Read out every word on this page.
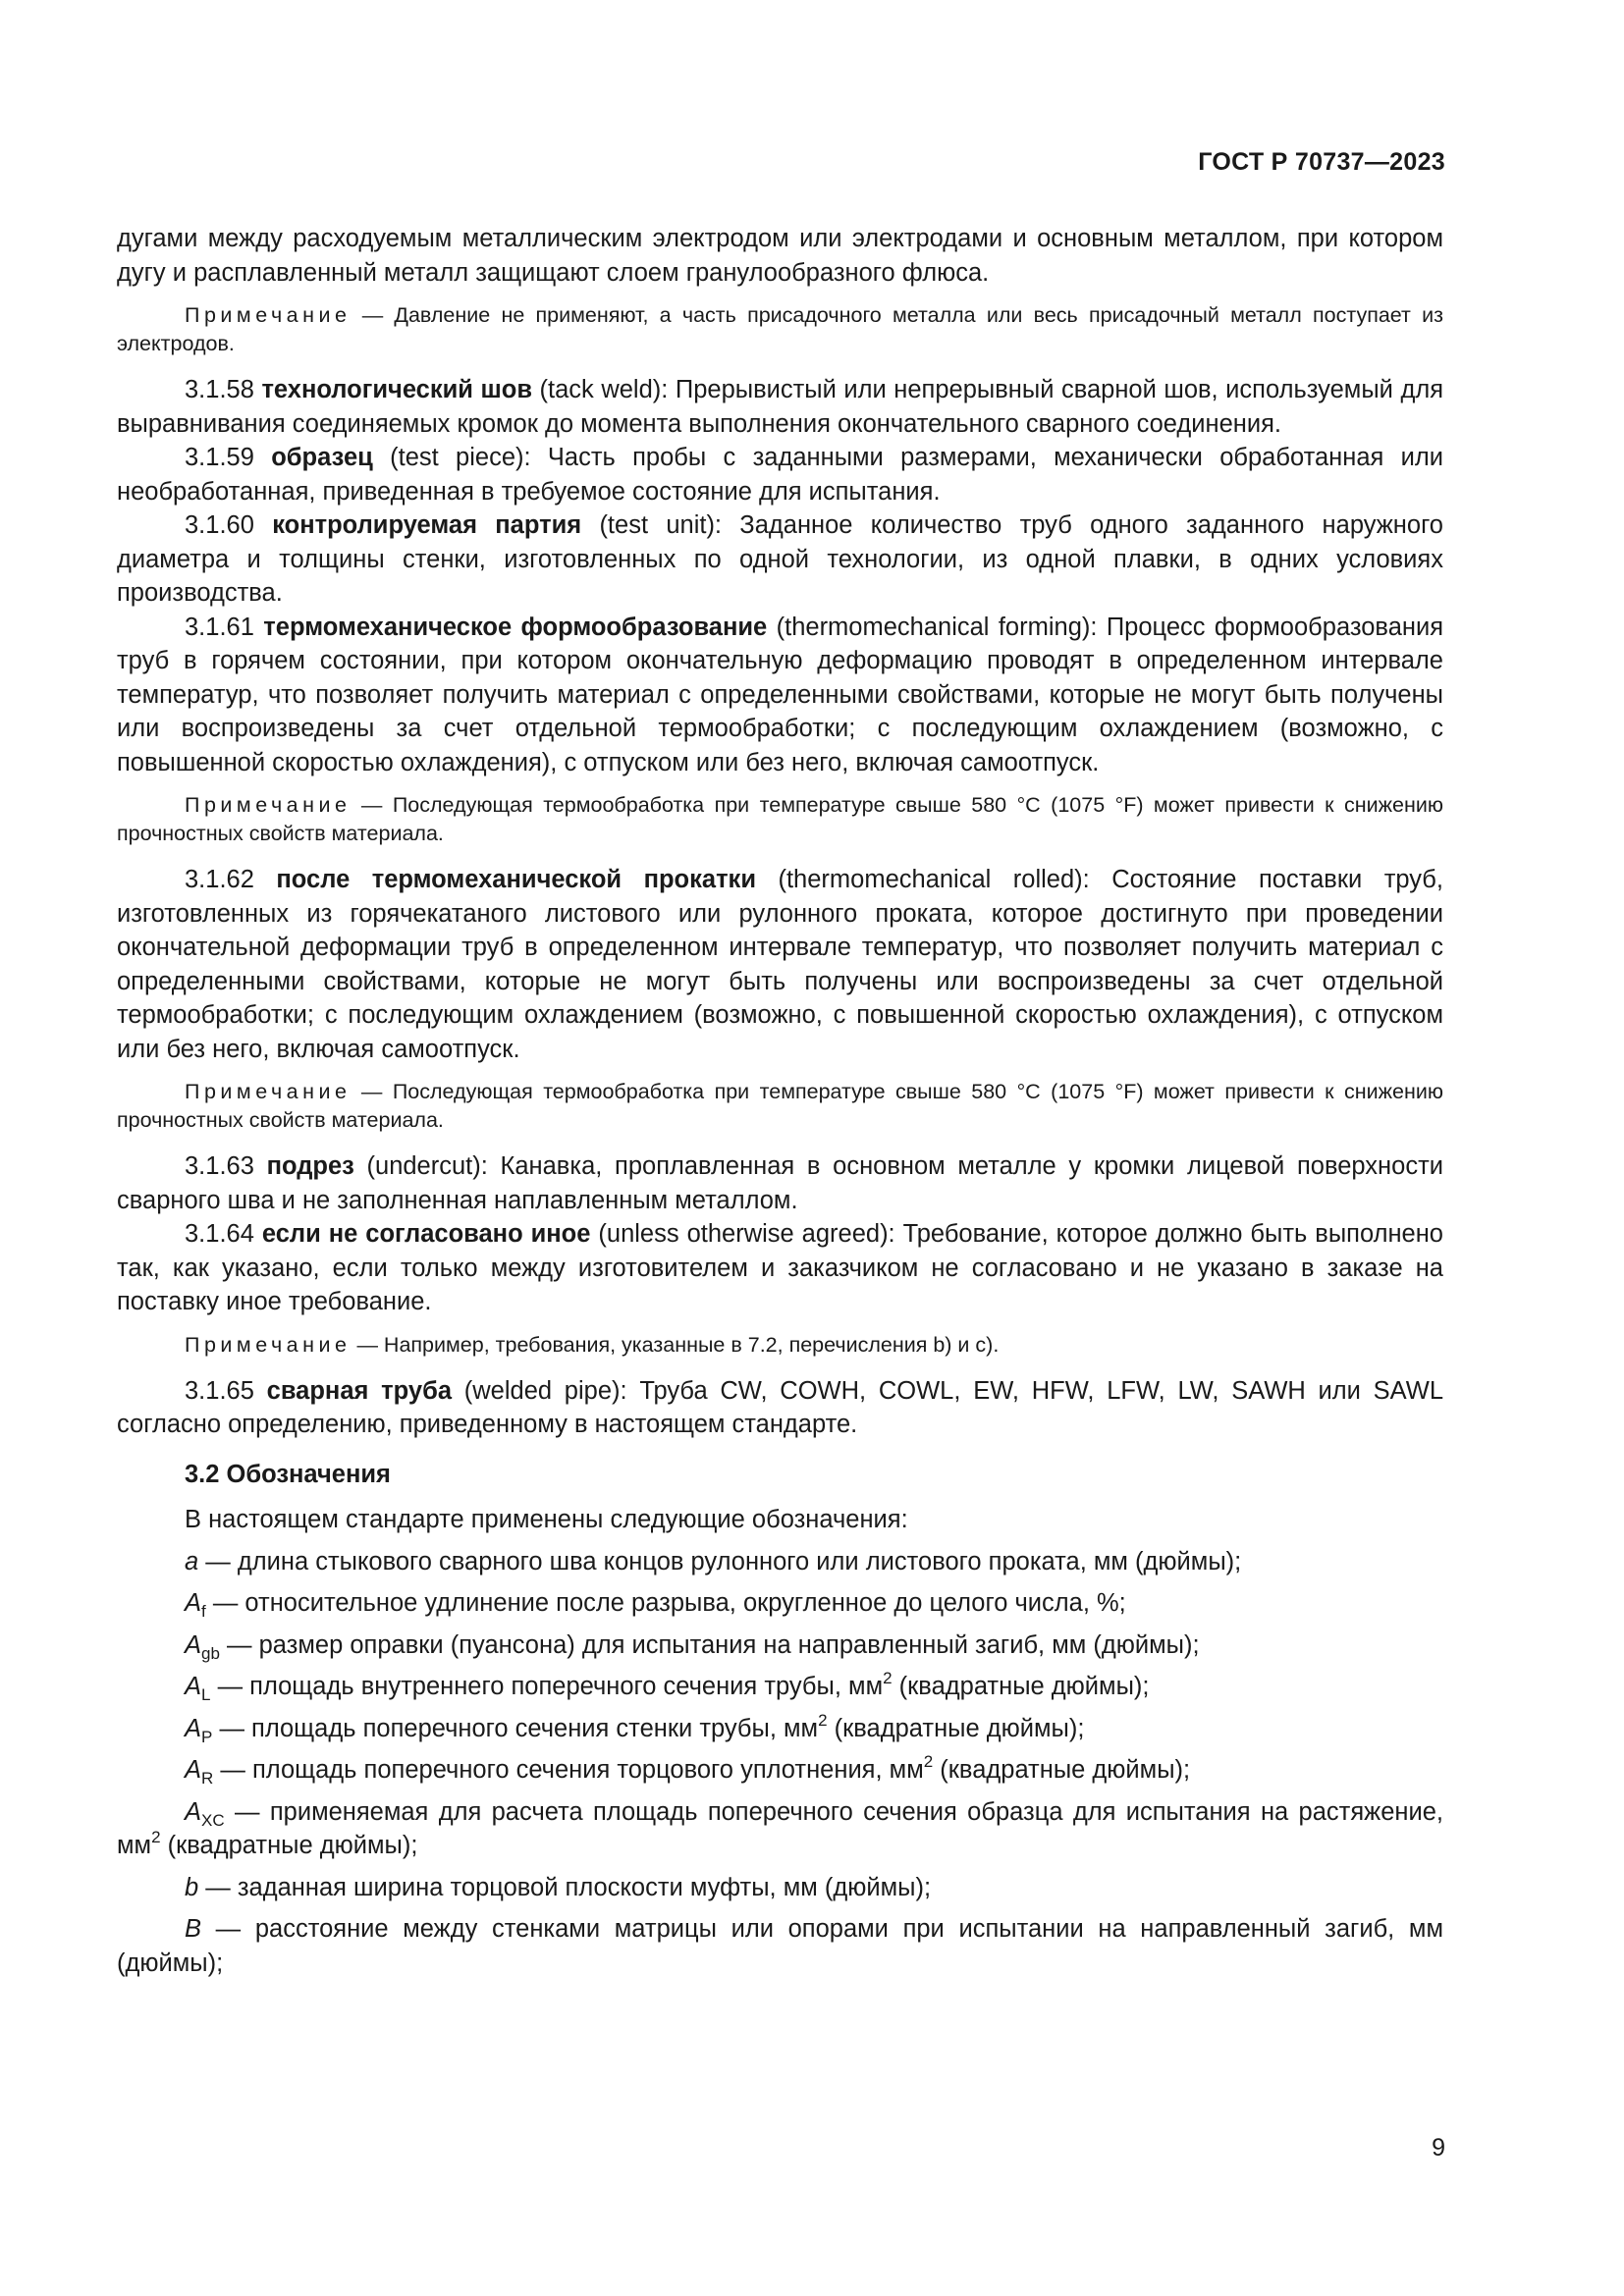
ГОСТ Р 70737—2023

дугами между расходуемым металлическим электродом или электродами и основным металлом, при котором дугу и расплавленный металл защищают слоем гранулообразного флюса.

Примечание — Давление не применяют, а часть присадочного металла или весь присадочный металл поступает из электродов.

3.1.58 технологический шов (tack weld): Прерывистый или непрерывный сварной шов, используемый для выравнивания соединяемых кромок до момента выполнения окончательного сварного соединения.

3.1.59 образец (test piece): Часть пробы с заданными размерами, механически обработанная или необработанная, приведенная в требуемое состояние для испытания.

3.1.60 контролируемая партия (test unit): Заданное количество труб одного заданного наружного диаметра и толщины стенки, изготовленных по одной технологии, из одной плавки, в одних условиях производства.

3.1.61 термомеханическое формообразование (thermomechanical forming): Процесс формообразования труб в горячем состоянии, при котором окончательную деформацию проводят в определенном интервале температур, что позволяет получить материал с определенными свойствами, которые не могут быть получены или воспроизведены за счет отдельной термообработки; с последующим охлаждением (возможно, с повышенной скоростью охлаждения), с отпуском или без него, включая самоотпуск.

Примечание — Последующая термообработка при температуре свыше 580 °С (1075 °F) может привести к снижению прочностных свойств материала.

3.1.62 после термомеханической прокатки (thermomechanical rolled): Состояние поставки труб, изготовленных из горячекатаного листового или рулонного проката, которое достигнуто при проведении окончательной деформации труб в определенном интервале температур, что позволяет получить материал с определенными свойствами, которые не могут быть получены или воспроизведены за счет отдельной термообработки; с последующим охлаждением (возможно, с повышенной скоростью охлаждения), с отпуском или без него, включая самоотпуск.

Примечание — Последующая термообработка при температуре свыше 580 °С (1075 °F) может привести к снижению прочностных свойств материала.

3.1.63 подрез (undercut): Канавка, проплавленная в основном металле у кромки лицевой поверхности сварного шва и не заполненная наплавленным металлом.

3.1.64 если не согласовано иное (unless otherwise agreed): Требование, которое должно быть выполнено так, как указано, если только между изготовителем и заказчиком не согласовано и не указано в заказе на поставку иное требование.

Примечание — Например, требования, указанные в 7.2, перечисления b) и с).

3.1.65 сварная труба (welded pipe): Труба CW, COWH, COWL, EW, HFW, LFW, LW, SAWH или SAWL согласно определению, приведенному в настоящем стандарте.

3.2 Обозначения

В настоящем стандарте применены следующие обозначения:

a — длина стыкового сварного шва концов рулонного или листового проката, мм (дюймы);

$A_f$ — относительное удлинение после разрыва, округленное до целого числа, %;

$A_{gb}$ — размер оправки (пуансона) для испытания на направленный загиб, мм (дюймы);

$A_L$ — площадь внутреннего поперечного сечения трубы, $мм^2$ (квадратные дюймы);

$A_P$ — площадь поперечного сечения стенки трубы, $мм^2$ (квадратные дюймы);

$A_R$ — площадь поперечного сечения торцового уплотнения, $мм^2$ (квадратные дюймы);

$A_{XC}$ — применяемая для расчета площадь поперечного сечения образца для испытания на растяжение, $мм^2$ (квадратные дюймы);

b — заданная ширина торцовой плоскости муфты, мм (дюймы);

B — расстояние между стенками матрицы или опорами при испытании на направленный загиб, мм (дюймы);

9
